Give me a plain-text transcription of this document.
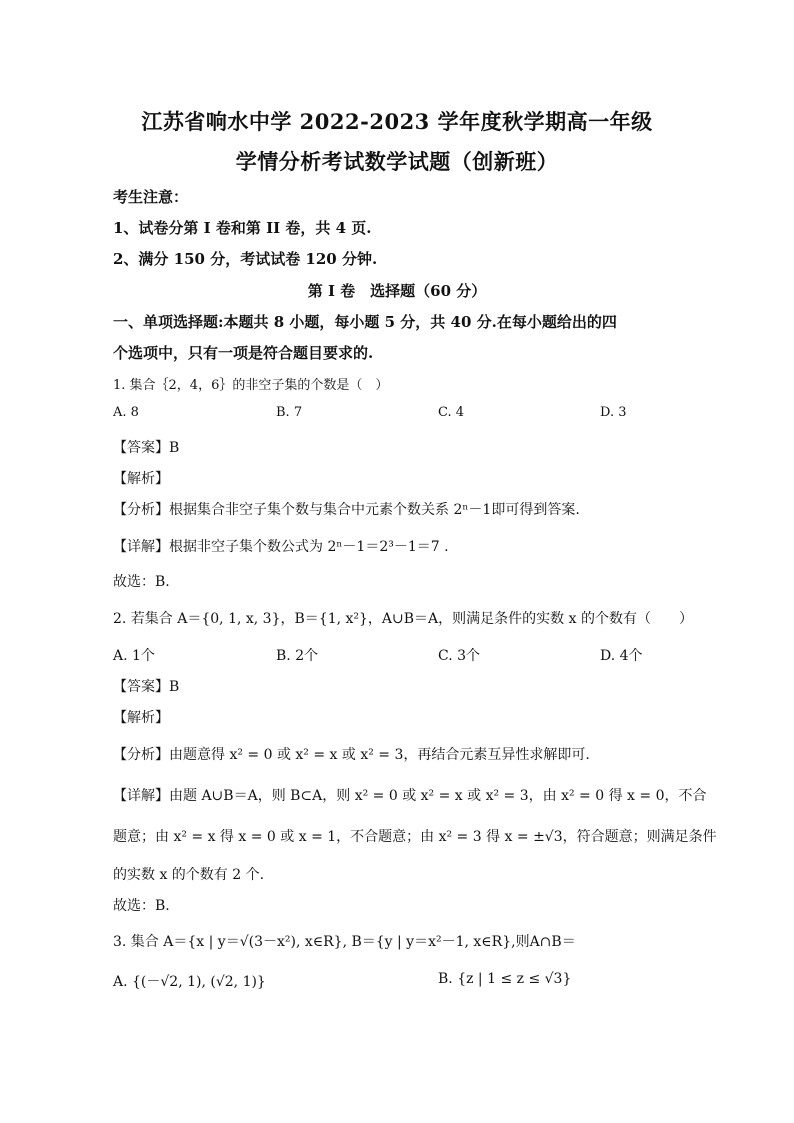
江苏省响水中学 2022-2023 学年度秋学期高一年级
学情分析考试数学试题（创新班）
考生注意：
1、试卷分第 I 卷和第 II 卷，共 4 页.
2、满分 150 分，考试试卷 120 分钟.
第 I 卷　选择题（60 分）
一、单项选择题:本题共 8 小题，每小题 5 分，共 40 分.在每小题给出的四
个选项中，只有一项是符合题目要求的.
1. 集合｛2，4，6｝的非空子集的个数是（　）
A. 8	B. 7	C. 4	D. 3
【答案】B
【解析】
【分析】根据集合非空子集个数与集合中元素个数关系 2ⁿ－1即可得到答案.
【详解】根据非空子集个数公式为 2ⁿ－1＝2³－1＝7 .
故选：B.
2. 若集合 A＝{0, 1, x, 3}，B＝{1, x²}，A∪B＝A，则满足条件的实数 x 的个数有（　　）
A. 1个	B. 2个	C. 3个	D. 4个
【答案】B
【解析】
【分析】由题意得 x² = 0 或 x² = x 或 x² = 3，再结合元素互异性求解即可.
【详解】由题 A∪B＝A，则 B⊂A，则 x² = 0 或 x² = x 或 x² = 3，由 x² = 0 得 x = 0，不合
题意；由 x² = x 得 x = 0 或 x = 1，不合题意；由 x² = 3 得 x = ±√3，符合题意；则满足条件
的实数 x 的个数有 2 个.
故选：B.
3. 集合 A＝{x | y＝√(3－x²), x∈R}, B＝{y | y＝x²－1, x∈R},则A∩B＝
A. {(－√2, 1), (√2, 1)}	B. {z | 1 ≤ z ≤ √3}
